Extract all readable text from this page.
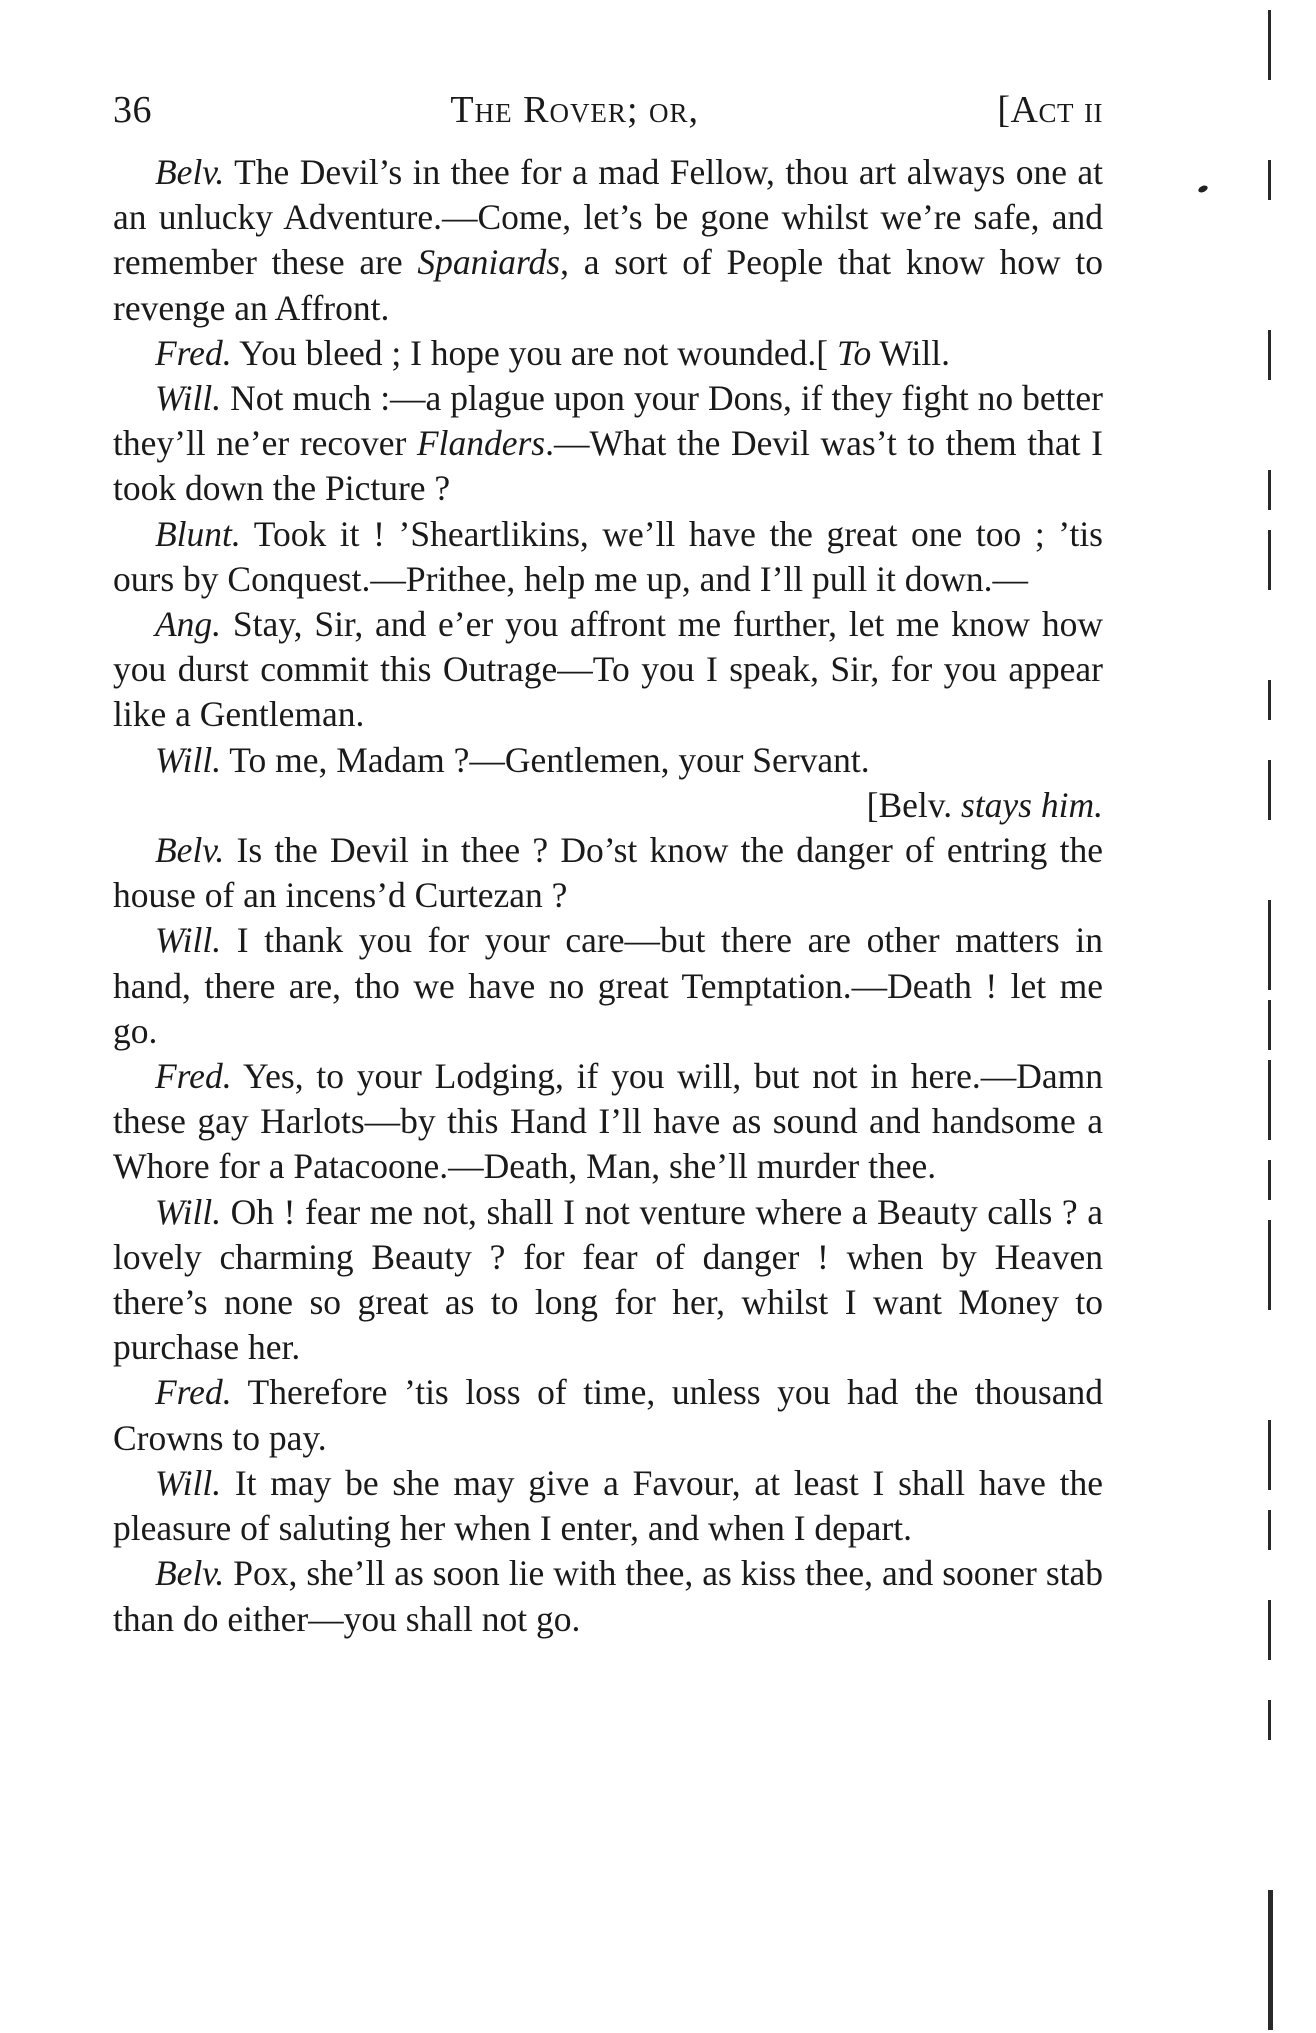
36	The Rover; or,	[Act ii

Belv. The Devil’s in thee for a mad Fellow, thou art always one at an unlucky Adventure.—Come, let’s be gone whilst we’re safe, and remember these are Spaniards, a sort of People that know how to revenge an Affront.

Fred. You bleed ; I hope you are not wounded.[ To Will.

Will. Not much :—a plague upon your Dons, if they fight no better they’ll ne’er recover Flanders.—What the Devil was’t to them that I took down the Picture ?

Blunt. Took it ! ’Sheartlikins, we’ll have the great one too ; ’tis ours by Conquest.—Prithee, help me up, and I’ll pull it down.—

Ang. Stay, Sir, and e’er you affront me further, let me know how you durst commit this Outrage—To you I speak, Sir, for you appear like a Gentleman.

Will. To me, Madam ?—Gentlemen, your Servant.

[Belv. stays him.

Belv. Is the Devil in thee ? Do’st know the danger of entring the house of an incens’d Curtezan ?

Will. I thank you for your care—but there are other matters in hand, there are, tho we have no great Temptation.—Death ! let me go.

Fred. Yes, to your Lodging, if you will, but not in here.—Damn these gay Harlots—by this Hand I’ll have as sound and handsome a Whore for a Patacoone.—Death, Man, she’ll murder thee.

Will. Oh ! fear me not, shall I not venture where a Beauty calls ? a lovely charming Beauty ? for fear of danger ! when by Heaven there’s none so great as to long for her, whilst I want Money to purchase her.

Fred. Therefore ’tis loss of time, unless you had the thousand Crowns to pay.

Will. It may be she may give a Favour, at least I shall have the pleasure of saluting her when I enter, and when I depart.

Belv. Pox, she’ll as soon lie with thee, as kiss thee, and sooner stab than do either—you shall not go.
